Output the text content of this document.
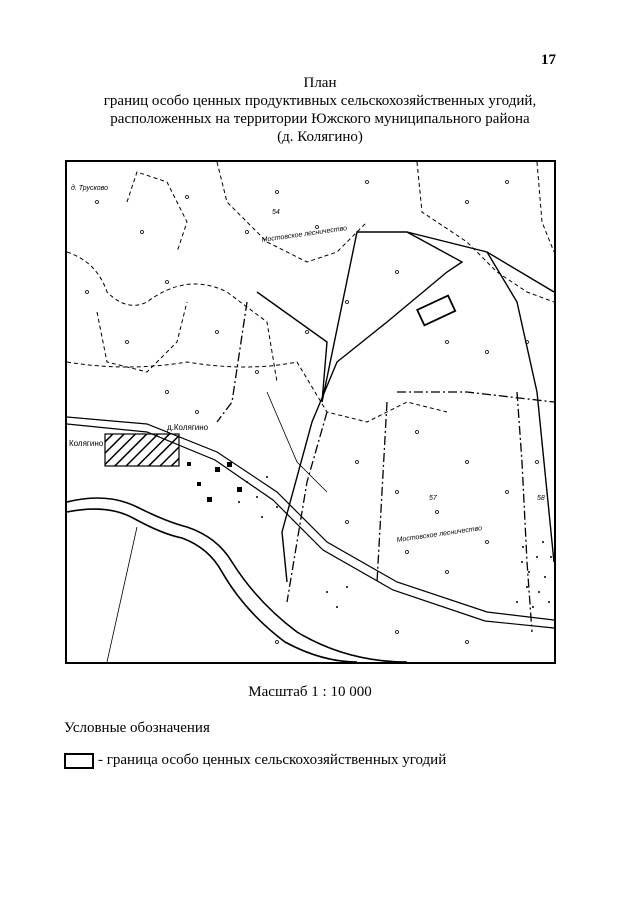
17
План
границ особо ценных продуктивных сельскохозяйственных угодий,
расположенных на территории Южского муниципального района
(д. Колягино)
д. Трусково
Мостовское лесничество
Мостовское лесничество
д.Колягино
Колягино
54
57	58
Масштаб 1 : 10 000
Условные обозначения
- граница особо ценных сельскохозяйственных угодий
